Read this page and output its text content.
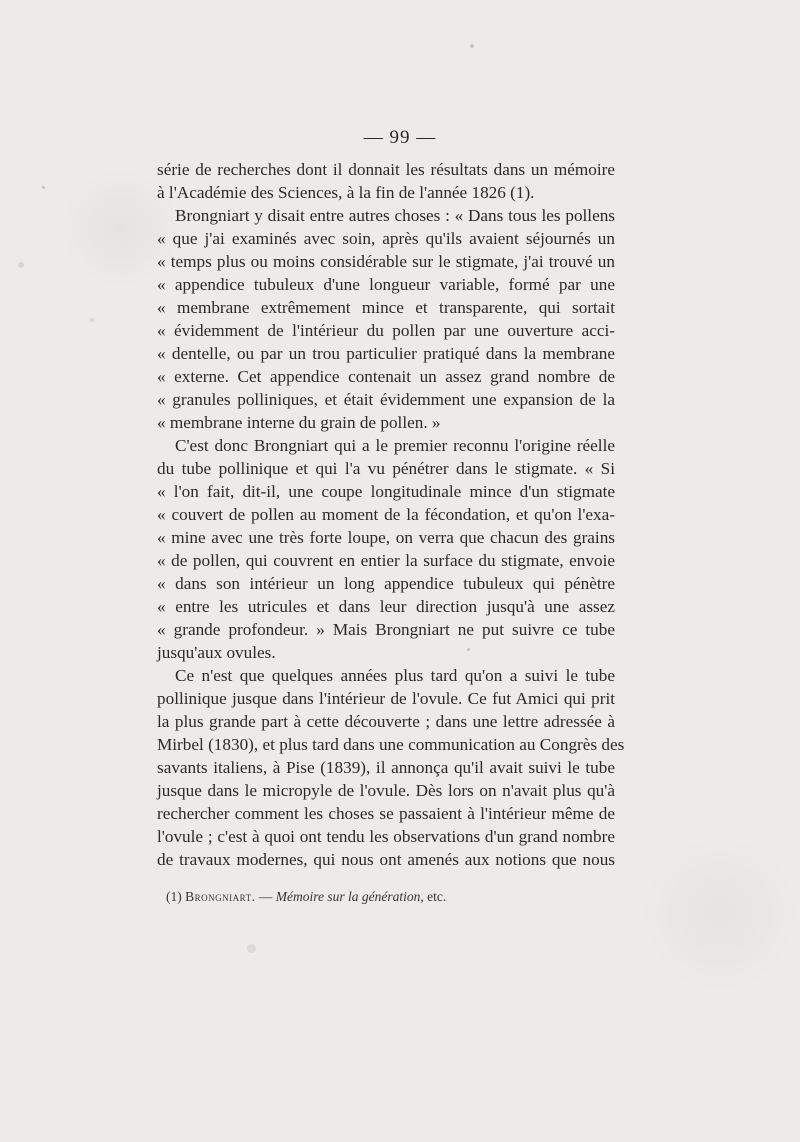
— 99 —
série de recherches dont il donnait les résultats dans un mémoire
à l'Académie des Sciences, à la fin de l'année 1826 (1).
Brongniart y disait entre autres choses : « Dans tous les pollens
« que j'ai examinés avec soin, après qu'ils avaient séjournés un
« temps plus ou moins considérable sur le stigmate, j'ai trouvé un
« appendice tubuleux d'une longueur variable, formé par une
« membrane extrêmement mince et transparente, qui sortait
« évidemment de l'intérieur du pollen par une ouverture acci-
« dentelle, ou par un trou particulier pratiqué dans la membrane
« externe. Cet appendice contenait un assez grand nombre de
« granules polliniques, et était évidemment une expansion de la
« membrane interne du grain de pollen. »
C'est donc Brongniart qui a le premier reconnu l'origine réelle
du tube pollinique et qui l'a vu pénétrer dans le stigmate. « Si
« l'on fait, dit-il, une coupe longitudinale mince d'un stigmate
« couvert de pollen au moment de la fécondation, et qu'on l'exa-
« mine avec une très forte loupe, on verra que chacun des grains
« de pollen, qui couvrent en entier la surface du stigmate, envoie
« dans son intérieur un long appendice tubuleux qui pénètre
« entre les utricules et dans leur direction jusqu'à une assez
« grande profondeur. » Mais Brongniart ne put suivre ce tube
jusqu'aux ovules.
Ce n'est que quelques années plus tard qu'on a suivi le tube
pollinique jusque dans l'intérieur de l'ovule. Ce fut Amici qui prit
la plus grande part à cette découverte ; dans une lettre adressée à
Mirbel (1830), et plus tard dans une communication au Congrès des
savants italiens, à Pise (1839), il annonça qu'il avait suivi le tube
jusque dans le micropyle de l'ovule. Dès lors on n'avait plus qu'à
rechercher comment les choses se passaient à l'intérieur même de
l'ovule ; c'est à quoi ont tendu les observations d'un grand nombre
de travaux modernes, qui nous ont amenés aux notions que nous
(1) Brongniart. — Mémoire sur la génération, etc.
